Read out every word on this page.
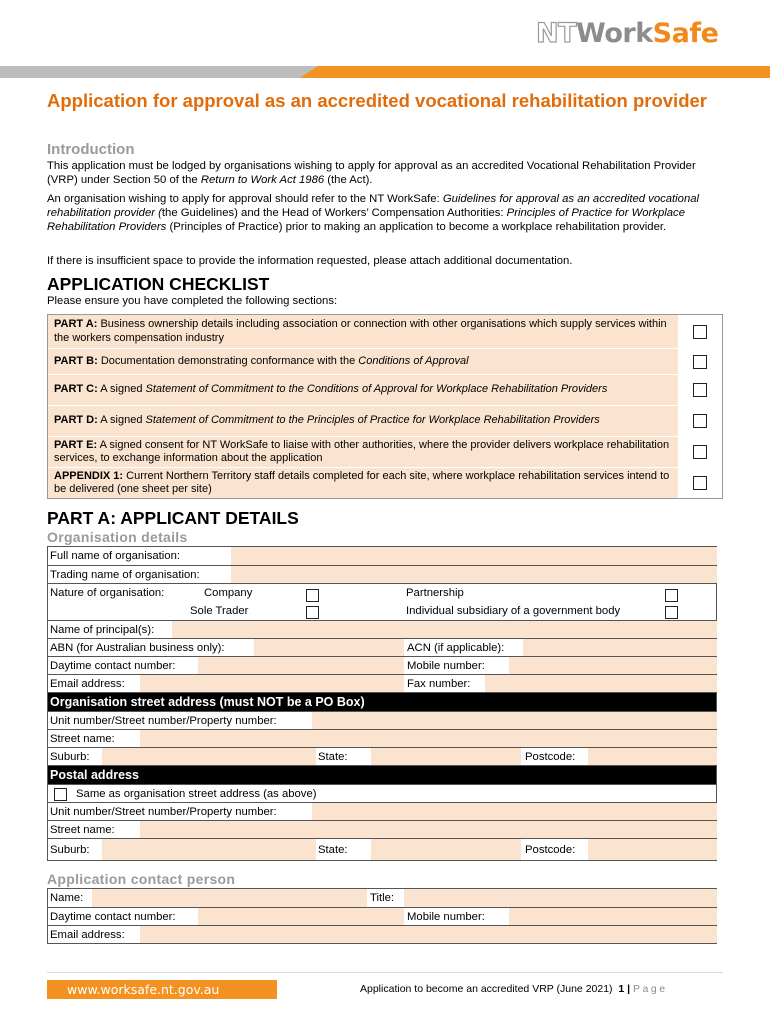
NTWorkSafe
Application for approval as an accredited vocational rehabilitation provider
Introduction
This application must be lodged by organisations wishing to apply for approval as an accredited Vocational Rehabilitation Provider (VRP) under Section 50 of the Return to Work Act 1986 (the Act).
An organisation wishing to apply for approval should refer to the NT WorkSafe: Guidelines for approval as an accredited vocational rehabilitation provider (the Guidelines) and the Head of Workers’ Compensation Authorities: Principles of Practice for Workplace Rehabilitation Providers (Principles of Practice) prior to making an application to become a workplace rehabilitation provider.
If there is insufficient space to provide the information requested, please attach additional documentation.
APPLICATION CHECKLIST
Please ensure you have completed the following sections:
PART A: Business ownership details including association or connection with other organisations which supply services within the workers compensation industry
PART B: Documentation demonstrating conformance with the Conditions of Approval
PART C: A signed Statement of Commitment to the Conditions of Approval for Workplace Rehabilitation Providers
PART D: A signed Statement of Commitment to the Principles of Practice for Workplace Rehabilitation Providers
PART E: A signed consent for NT WorkSafe to liaise with other authorities, where the provider delivers workplace rehabilitation services, to exchange information about the application
APPENDIX 1: Current Northern Territory staff details completed for each site, where workplace rehabilitation services intend to be delivered (one sheet per site)
PART A: APPLICANT DETAILS
Organisation details
Full name of organisation:
Trading name of organisation:
Nature of organisation:	Company
Sole Trader
Partnership
Individual subsidiary of a government body
Name of principal(s):
ABN (for Australian business only):	ACN (if applicable):
Daytime contact number:	Mobile number:
Email address:	Fax number:
Organisation street address (must NOT be a PO Box)
Unit number/Street number/Property number:
Street name:
Suburb:	State:	Postcode:
Postal address
Same as organisation street address (as above)
Unit number/Street number/Property number:
Street name:
Suburb:	State:	Postcode:
Application contact person
Name:	Title:
Daytime contact number:	Mobile number:
Email address:
www.worksafe.nt.gov.au	Application to become an accredited VRP (June 2021) 1 | Page
